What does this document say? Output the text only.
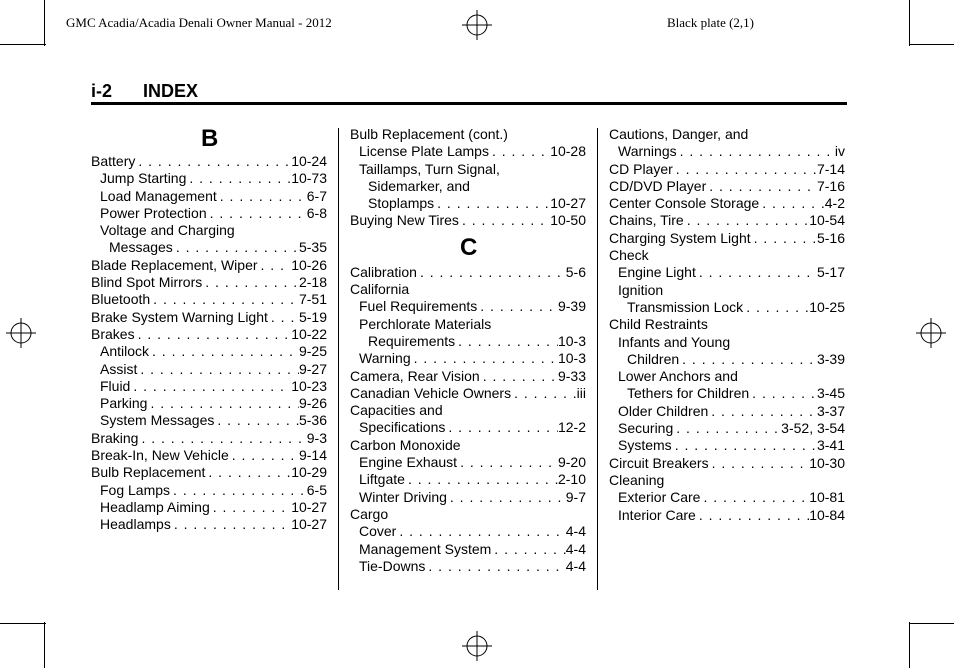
GMC Acadia/Acadia Denali Owner Manual - 2012	Black plate (2,1)
i-2 INDEX
B
Battery . . .	10-24
Jump Starting . . .	10-73
Load Management . . .	6-7
Power Protection . . .	6-8
Voltage and Charging
Messages . . .	5-35
Blade Replacement, Wiper . . . 10-26
Blind Spot Mirrors . . .	2-18
Bluetooth . . .	7-51
Brake System Warning Light . . . 5-19
Brakes . . .	10-22
Antilock . . .	9-25
Assist . . .	9-27
Fluid . . .	10-23
Parking . . .	9-26
System Messages . . .	5-36
Braking . . .	9-3
Break-In, New Vehicle . . .	9-14
Bulb Replacement . . .	10-29
Fog Lamps . . .	6-5
Headlamp Aiming . . .	10-27
Headlamps . . .	10-27
Bulb Replacement (cont.)
License Plate Lamps . . .	10-28
Taillamps, Turn Signal,
Sidemarker, and
Stoplamps . . .	10-27
Buying New Tires . . .	10-50
C
Calibration . . .	5-6
California
Fuel Requirements . . .	9-39
Perchlorate Materials
Requirements . . .	10-3
Warning . . .	10-3
Camera, Rear Vision . . .	9-33
Canadian Vehicle Owners . . .	iii
Capacities and
Specifications . . .	12-2
Carbon Monoxide
Engine Exhaust . . .	9-20
Liftgate . . .	2-10
Winter Driving . . .	9-7
Cargo
Cover . . .	4-4
Management System . . .	4-4
Tie-Downs . . .	4-4
Cautions, Danger, and
Warnings . . .	iv
CD Player . . .	7-14
CD/DVD Player . . .	7-16
Center Console Storage . . .	4-2
Chains, Tire . . .	10-54
Charging System Light . . .	5-16
Check
Engine Light . . .	5-17
Ignition
Transmission Lock . . .	10-25
Child Restraints
Infants and Young
Children . . .	3-39
Lower Anchors and
Tethers for Children . . .	3-45
Older Children . . .	3-37
Securing . . .	3-52, 3-54
Systems . . .	3-41
Circuit Breakers . . .	10-30
Cleaning
Exterior Care . . .	10-81
Interior Care . . .	10-84
